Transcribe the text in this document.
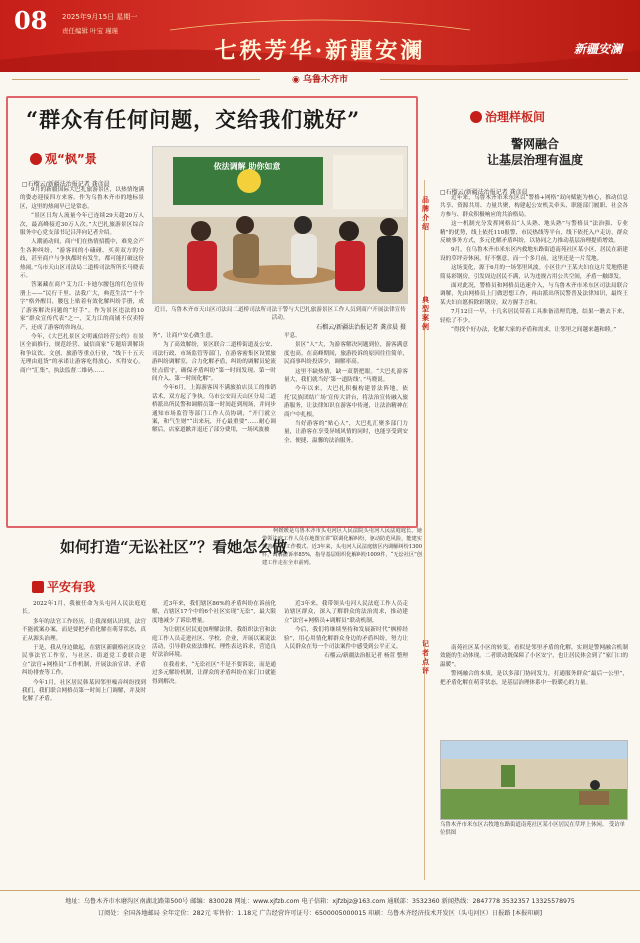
08 2025年9月15日 星期一
责任编辑 叶宝 瑾瑾
七秩芳华·新疆安澜	新疆安澜
◉ 乌鲁木齐市
“群众有任何问题，交给我们就好”
观“枫”景
□石榴云/新疆法治报记者 龚彦晨

9月的新疆国际大巴扎旅游景区，以热情饱满的姿态迎接四方来客。作为乌鲁木齐市的地标景区，这里的热闹早已是常态。

“景区日均人流量今年已连续29天超20万人次，最高峰接近30万人次。”大巴扎旅游景区综合服务中心党支部书记吕萍向记者介绍。

人潮涌动间，商户们在热情招揽中，难免会产生各种纠纷，“游客间的小磕碰、买卖双方的分歧，甚至商户与争执都时有发生，都可能打破这份热闹。”乌市天山区司法局二道桥司法所所长马晓表示。

答案藏在商户艾力江·卡迪尔腰包的红色宣传册上——“民行千里、法我广大，典范生活”“十个字”格外醒目，腰包上贴着有效化解纠纷手册，成了游客解决问题的“好手”。作为景区违法的10家“群众宣传代表”之一，艾力江的商铺不仅卖特产，还成了游客的咨询点。

今年，《大巴扎景区文明诚信经营公约》在景区全面推行，规范经营、诚信商家“专题培训解读和争议饮、文创、旅游等重点行业，“线下十五天无理由退货”的承诺让游客吃得放心、买得安心。商户“汇集”，执法监督二维码……

依法调解 助你如意
近日，乌鲁木齐市天山区司法局二道桥司法所司法干警与大巴扎旅游景区工作人员到商户开展法律宣传活动。
石榴云/新疆法治报记者 龚彦晨 摄

务”，让商户安心做生意。

为了高效解纷，景区联合二道桥街道及公安、司法行政、市场监管等部门，在游客密集区设置旅游纠纷调解室，合力化解矛盾，纠纷的调解员轮流驻点值守，确保矛盾纠纷“第一时间发现、第一时间介入、第一时间化解”。

今年6月，上海游客因不满旅拍店员工的推销话术，双方起了争执。乌市公安局天山区分局二道桥派出所民警和调解员第一时间赶到现场，并同步通知市场监管等部门工作人员协调，“开门就立案，和气生财”“出来玩，开心最重要”……耐心调解后，店家道歉并退还了部分费用，一场风波被

平息。

景区“人”大，为游客解决问题到位，游客满意度也高。在高峰期间，旅游投诉的原因往往简单，民商事纠纷投诉少，调解率高。

这里不缺热情，缺一双帮把眼。“大巴扎游客量大，我们就当好‘第一道防线’。”马晓说。

今年以来，大巴扎积极构建普法阵地，依托‘民族团结广场’宣传大讲台，将法治宣传融入旅游服务，让法律知识在游客中传递，让法治精神在商户中扎根。

当好游客的“贴心人”，大巴扎汇聚多部门力量，让游客在享受异域风情的同时，也能享受到安全、便捷、温馨的法治服务。

治理样板间
警网融合
让基层治理有温度
□石榴云/新疆法治报记者 龚彦晨
品牌介绍
典型案例
记者点评

近年来，乌鲁木齐市米东区以“警格+网格”双向赋能为核心，推动信息共享、资源共用、力量共聚，构建起公安机关牵头、职能部门履职、社会各方参与、群众积极响应的共治格局。

这一机制充分发挥网格员“人头熟、地头熟”与警格员“法治强、专业精”的优势，线上依托110报警、市民热线等平台，线下依托入户走访，群众反映事务方式，多元化解矛盾纠纷，以协同之力推动基层治理提质增效。

9月，在乌鲁木齐市米东区内救地东路街道南苑社区某小区，居民在新建设的草坪旁休闲，好不惬意，而一个多月前，这里还是一片荒地。

这场变化，源于6月的一场邻里风波。小区住户王某夫妇在这片荒地搭建简易彩钢房，引发周边居民不满，认为违规占用公共空间，矛盾一触即发。

面对此况，警格员和网格员迅速介入，与乌鲁木齐市米东区司法局联合调解，先由网格员上门做思想工作，再由派出所民警普及法律知识，最终王某夫妇自愿拆除彩钢房，双方握手言和。

7月12日一早，十几名居民带着工具准备清理荒地，结果一瞧去下来，轻松了不少。

“得找个好办法，化解大家的矛盾和需求，让邻里之间越来越和睦。”

南苑社区某小区的转变，看似是邻里矛盾的化解，实则是警网融合机制效能的生动体现。二者联动既保障了小区安宁，也让居民体会到了“家门口的温暖”。

警网融合的本质，是以多部门协同发力，打通服务群众“最后一公里”，把矛盾化解在萌芽状态，是基层治理体系中一股暖心的力量。

乌鲁木齐市米东区古牧地东路街道南苑社区某小区居民在草坪上休闲。 受访单位供图
如何打造“无讼社区”？看她怎么做

柯媛媛是乌鲁木齐市头屯河区人民法院头屯河人民法庭庭长。她带领法庭工作人员在地图宣讲“联调化解纠纷，驱动防范风险，能建实现善治”的工作模式。近3年来，头屯河人民法庭辖区内调解纠纷1300件，调解撤诉率85%，指导基层组织化解纠纷1009件，“无讼社区”创建工作走在全市前列。

平安有我

2022年1月，我被任命为头屯河人民法庭庭长。

多年的法官工作经历，让我深刻认识到，法官不能就案办案，而是要把矛盾化解在萌芽状态，真正从源头治理。

于是，我从身边做起，在辖区新疆格社区设立民事法官工作室，与社区、街道党工委联合建立“法官+网格员”工作机制，开展法治宣讲、矛盾纠纷排查等工作。

今年1月，社区居民韩某因邻里噪音纠纷找到我们，我们联合网格员第一时间上门调解，并及时化解了矛盾。

近3年来，我们辖区86%的矛盾纠纷在诉前化解，占辖区17个中的6个社区实现“无讼”，最大限度地减少了诉讼增量。

为让辖区居民更加理解法律，我组织法官和法庭工作人员走进社区、学校、企业，开展以案说法活动，引导群众依法维权、理性表达诉求，营造良好法治环境。

在我看来，“无讼社区”不是不要诉讼，而是通过多元解纷机制，让群众的矛盾纠纷在家门口就能得到解决。

近3年来，我带领头屯河人民法庭工作人员走访辖区群众，深入了解群众的法治需求，推动建立“法官+网格员+调解员”联动机制。

今后，我们将继续坚持和发展新时代“枫桥经验”，用心用情化解群众身边的矛盾纠纷，努力让人民群众在每一个司法案件中感受到公平正义。

石榴云/新疆法治报记者 杨萱 整理

地址：乌鲁木齐市水磨沟区南湖北路第500号 邮编：830028 网址：www.xjfzb.com 电子信箱：xjfzbjz@163.com 通联部：3532360 新闻热线：2847778 3532357 13325578975
订阅处：全国各地邮局 全年定价：282元 零售价：1.18元 广告经营许可证号：6500005000015 印刷：乌鲁木齐经济技术开发区（头屯河区）日报路 [本报印刷]
